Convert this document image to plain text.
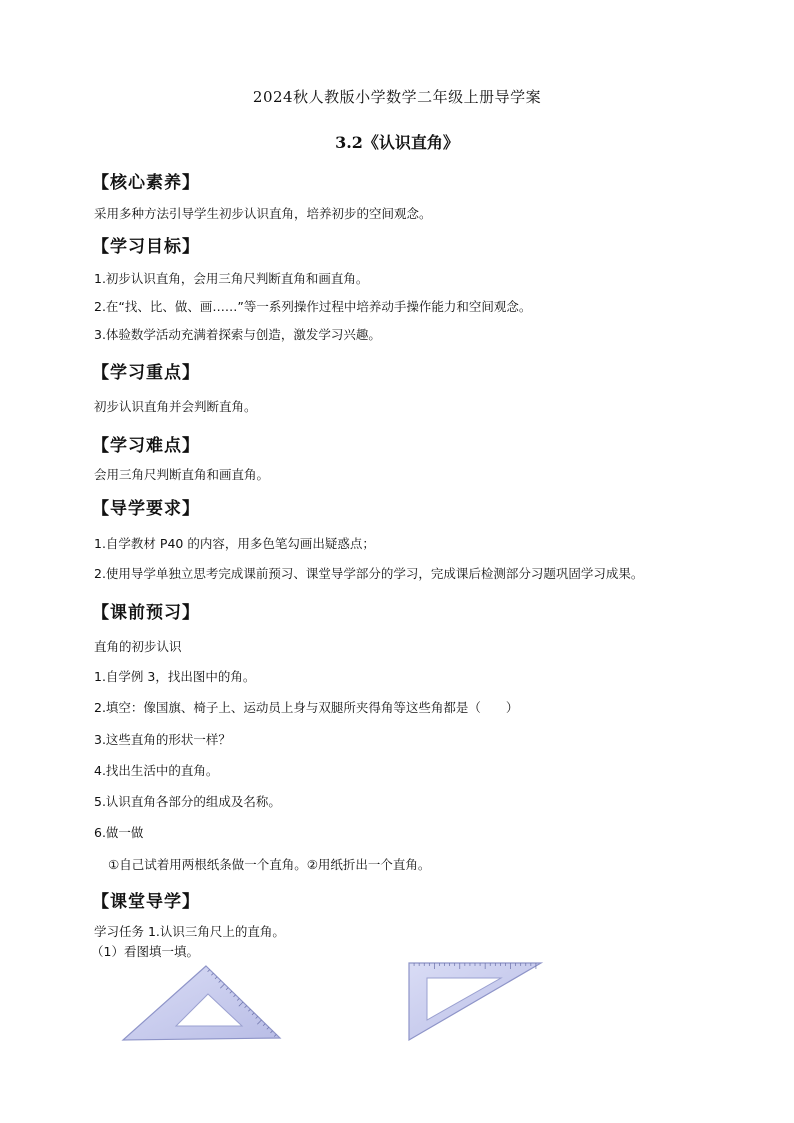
2024秋人教版小学数学二年级上册导学案
3.2《认识直角》
【核心素养】
采用多种方法引导学生初步认识直角，培养初步的空间观念。
【学习目标】
1.初步认识直角，会用三角尺判断直角和画直角。
2.在“找、比、做、画……”等一系列操作过程中培养动手操作能力和空间观念。
3.体验数学活动充满着探索与创造，激发学习兴趣。
【学习重点】
初步认识直角并会判断直角。
【学习难点】
会用三角尺判断直角和画直角。
【导学要求】
1.自学教材 P40 的内容，用多色笔勾画出疑惑点；
2.使用导学单独立思考完成课前预习、课堂导学部分的学习，完成课后检测部分习题巩固学习成果。
【课前预习】
直角的初步认识
1.自学例 3，找出图中的角。
2.填空：像国旗、椅子上、运动员上身与双腿所夹得角等这些角都是（　　）
3.这些直角的形状一样？
4.找出生活中的直角。
5.认识直角各部分的组成及名称。
6.做一做
①自己试着用两根纸条做一个直角。②用纸折出一个直角。
【课堂导学】
学习任务 1.认识三角尺上的直角。
（1）看图填一填。
